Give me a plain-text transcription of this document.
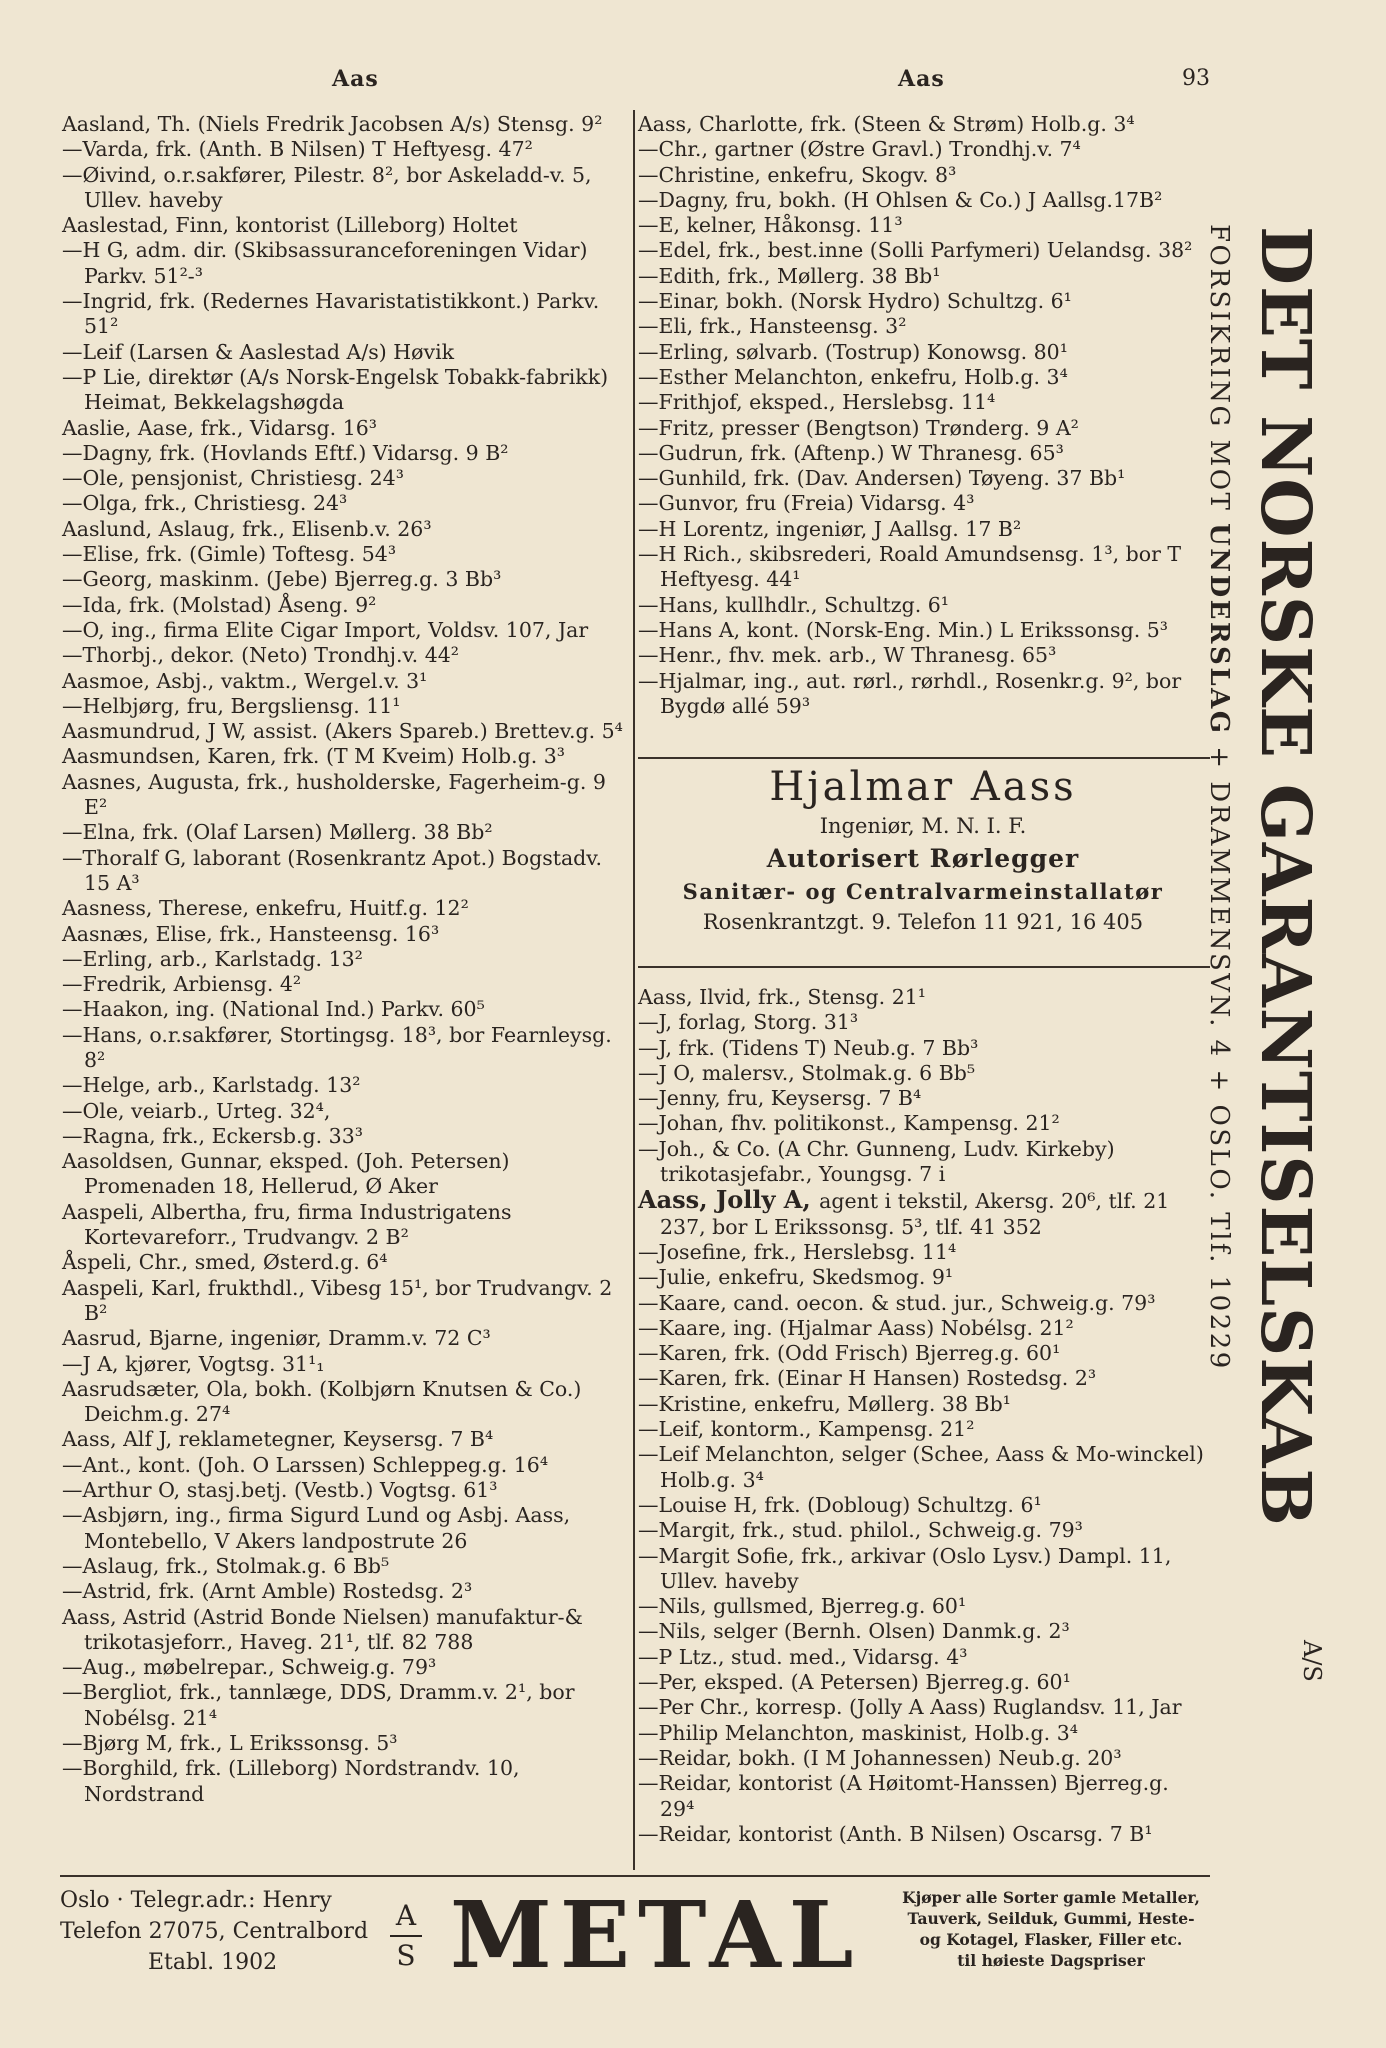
Aas	Aas	93
Aasland, Th. (Niels Fredrik Jacobsen A/s) Stensg. 9²
—Varda, frk. (Anth. B Nilsen) T Heftyesg. 47²
—Øivind, o.r.sakfører, Pilestr. 8², bor Askeladd-v. 5, Ullev. haveby
Aaslestad, Finn, kontorist (Lilleborg) Holtet
—H G, adm. dir. (Skibsassuranceforeningen Vidar) Parkv. 51²-³
—Ingrid, frk. (Redernes Havaristatistikkont.) Parkv. 51²
—Leif (Larsen & Aaslestad A/s) Høvik
—P Lie, direktør (A/s Norsk-Engelsk Tobakk-fabrikk) Heimat, Bekkelagshøgda
Aaslie, Aase, frk., Vidarsg. 16³
—Dagny, frk. (Hovlands Eftf.) Vidarsg. 9 B²
—Ole, pensjonist, Christiesg. 24³
—Olga, frk., Christiesg. 24³
Aaslund, Aslaug, frk., Elisenb.v. 26³
—Elise, frk. (Gimle) Toftesg. 54³
—Georg, maskinm. (Jebe) Bjerreg.g. 3 Bb³
—Ida, frk. (Molstad) Åseng. 9²
—O, ing., firma Elite Cigar Import, Voldsv. 107, Jar
—Thorbj., dekor. (Neto) Trondhj.v. 44²
Aasmoe, Asbj., vaktm., Wergel.v. 3¹
—Helbjørg, fru, Bergsliensg. 11¹
Aasmundrud, J W, assist. (Akers Spareb.) Brettev.g. 5⁴
Aasmundsen, Karen, frk. (T M Kveim) Holb.g. 3³
Aasnes, Augusta, frk., husholderske, Fagerheim-g. 9 E²
—Elna, frk. (Olaf Larsen) Møllerg. 38 Bb²
—Thoralf G, laborant (Rosenkrantz Apot.) Bogstadv. 15 A³
Aasness, Therese, enkefru, Huitf.g. 12²
Aasnæs, Elise, frk., Hansteensg. 16³
—Erling, arb., Karlstadg. 13²
—Fredrik, Arbiensg. 4²
—Haakon, ing. (National Ind.) Parkv. 60⁵
—Hans, o.r.sakfører, Stortingsg. 18³, bor Fearnleysg. 8²
—Helge, arb., Karlstadg. 13²
—Ole, veiarb., Urteg. 32⁴,
—Ragna, frk., Eckersb.g. 33³
Aasoldsen, Gunnar, eksped. (Joh. Petersen) Promenaden 18, Hellerud, Ø Aker
Aaspeli, Albertha, fru, firma Industrigatens Kortevareforr., Trudvangv. 2 B²
Åspeli, Chr., smed, Østerd.g. 6⁴
Aaspeli, Karl, frukthdl., Vibesg 15¹, bor Trudvangv. 2 B²
Aasrud, Bjarne, ingeniør, Dramm.v. 72 C³
—J A, kjører, Vogtsg. 31¹₁
Aasrudsæter, Ola, bokh. (Kolbjørn Knutsen & Co.) Deichm.g. 27⁴
Aass, Alf J, reklametegner, Keysersg. 7 B⁴
—Ant., kont. (Joh. O Larssen) Schleppeg.g. 16⁴
—Arthur O, stasj.betj. (Vestb.) Vogtsg. 61³
—Asbjørn, ing., firma Sigurd Lund og Asbj. Aass, Montebello, V Akers landpostrute 26
—Aslaug, frk., Stolmak.g. 6 Bb⁵
—Astrid, frk. (Arnt Amble) Rostedsg. 2³
Aass, Astrid (Astrid Bonde Nielsen) manufaktur-& trikotasjeforr., Haveg. 21¹, tlf. 82 788
—Aug., møbelrepar., Schweig.g. 79³
—Bergliot, frk., tannlæge, DDS, Dramm.v. 2¹, bor Nobélsg. 21⁴
—Bjørg M, frk., L Erikssonsg. 5³
—Borghild, frk. (Lilleborg) Nordstrandv. 10, Nordstrand
Aass, Charlotte, frk. (Steen & Strøm) Holb.g. 3⁴
—Chr., gartner (Østre Gravl.) Trondhj.v. 7⁴
—Christine, enkefru, Skogv. 8³
—Dagny, fru, bokh. (H Ohlsen & Co.) J Aallsg.17B²
—E, kelner, Håkonsg. 11³
—Edel, frk., best.inne (Solli Parfymeri) Uelandsg. 38²
—Edith, frk., Møllerg. 38 Bb¹
—Einar, bokh. (Norsk Hydro) Schultzg. 6¹
—Eli, frk., Hansteensg. 3²
—Erling, sølvarb. (Tostrup) Konowsg. 80¹
—Esther Melanchton, enkefru, Holb.g. 3⁴
—Frithjof, eksped., Herslebsg. 11⁴
—Fritz, presser (Bengtson) Trønderg. 9 A²
—Gudrun, frk. (Aftenp.) W Thranesg. 65³
—Gunhild, frk. (Dav. Andersen) Tøyeng. 37 Bb¹
—Gunvor, fru (Freia) Vidarsg. 4³
—H Lorentz, ingeniør, J Aallsg. 17 B²
—H Rich., skibsrederi, Roald Amundsensg. 1³, bor T Heftyesg. 44¹
—Hans, kullhdlr., Schultzg. 6¹
—Hans A, kont. (Norsk-Eng. Min.) L Erikssonsg. 5³
—Henr., fhv. mek. arb., W Thranesg. 65³
—Hjalmar, ing., aut. rørl., rørhdl., Rosenkr.g. 9², bor Bygdø allé 59³
Hjalmar Aass
Ingeniør, M. N. I. F.
Autorisert Rørlegger
Sanitær- og Centralvarmeinstallatør
Rosenkrantzgt. 9. Telefon 11 921, 16 405
Aass, Ilvid, frk., Stensg. 21¹
—J, forlag, Storg. 31³
—J, frk. (Tidens T) Neub.g. 7 Bb³
—J O, malersv., Stolmak.g. 6 Bb⁵
—Jenny, fru, Keysersg. 7 B⁴
—Johan, fhv. politikonst., Kampensg. 21²
—Joh., & Co. (A Chr. Gunneng, Ludv. Kirkeby) trikotasjefabr., Youngsg. 7 i
Aass, Jolly A, agent i tekstil, Akersg. 20⁶, tlf. 21 237, bor L Erikssonsg. 5³, tlf. 41 352
—Josefine, frk., Herslebsg. 11⁴
—Julie, enkefru, Skedsmog. 9¹
—Kaare, cand. oecon. & stud. jur., Schweig.g. 79³
—Kaare, ing. (Hjalmar Aass) Nobélsg. 21²
—Karen, frk. (Odd Frisch) Bjerreg.g. 60¹
—Karen, frk. (Einar H Hansen) Rostedsg. 2³
—Kristine, enkefru, Møllerg. 38 Bb¹
—Leif, kontorm., Kampensg. 21²
—Leif Melanchton, selger (Schee, Aass & Mo-winckel) Holb.g. 3⁴
—Louise H, frk. (Dobloug) Schultzg. 6¹
—Margit, frk., stud. philol., Schweig.g. 79³
—Margit Sofie, frk., arkivar (Oslo Lysv.) Dampl. 11, Ullev. haveby
—Nils, gullsmed, Bjerreg.g. 60¹
—Nils, selger (Bernh. Olsen) Danmk.g. 2³
—P Ltz., stud. med., Vidarsg. 4³
—Per, eksped. (A Petersen) Bjerreg.g. 60¹
—Per Chr., korresp. (Jolly A Aass) Ruglandsv. 11, Jar
—Philip Melanchton, maskinist, Holb.g. 3⁴
—Reidar, bokh. (I M Johannessen) Neub.g. 20³
—Reidar, kontorist (A Høitomt-Hanssen) Bjerreg.g. 29⁴
—Reidar, kontorist (Anth. B Nilsen) Oscarsg. 7 B¹
DET NORSKE GARANTISELSKAB
FORSIKRING MOT UNDERSLAG + DRAMMENSVN. 4 + OSLO. Tlf. 10229
A/S
Oslo · Telegr.adr.: Henry
Telefon 27075, Centralbord
Etabl. 1902
A
S METAL	Kjøper alle Sorter gamle Metaller,
Tauverk, Seilduk, Gummi, Heste-
og Kotagel, Flasker, Filler etc.
til høieste Dagspriser
